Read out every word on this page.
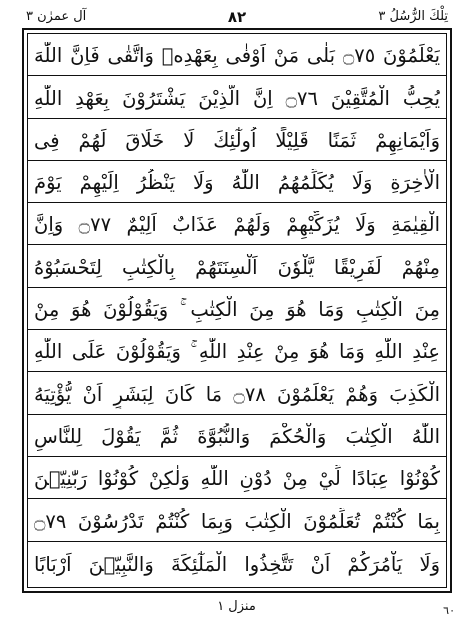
آل عمرٰن ٣	٨٢	تِلْكَ الرُّسُلُ ٣
يَعْلَمُوْنَ ۝٧٥ بَلٰى مَنْ اَوْفٰى بِعَهْدِهٖ وَاتَّقٰى فَاِنَّ اللّٰهَ
يُحِبُّ الْمُتَّقِيْنَ ۝٧٦ اِنَّ الَّذِيْنَ يَشْتَرُوْنَ بِعَهْدِ اللّٰهِ
وَاَيْمَانِهِمْ ثَمَنًا قَلِيْلًا اُولٰٓئِكَ لَا خَلَاقَ لَهُمْ فِى
الْاٰخِرَةِ وَلَا يُكَلِّمُهُمُ اللّٰهُ وَلَا يَنْظُرُ اِلَيْهِمْ يَوْمَ
الْقِيٰمَةِ وَلَا يُزَكِّيْهِمْ وَلَهُمْ عَذَابٌ اَلِيْمٌ ۝٧٧ وَاِنَّ
مِنْهُمْ لَفَرِيْقًا يَّلْوٗنَ اَلْسِنَتَهُمْ بِالْكِتٰبِ لِتَحْسَبُوْهُ
مِنَ الْكِتٰبِ وَمَا هُوَ مِنَ الْكِتٰبِ ۚ وَيَقُوْلُوْنَ هُوَ مِنْ
عِنْدِ اللّٰهِ وَمَا هُوَ مِنْ عِنْدِ اللّٰهِ ۚ وَيَقُوْلُوْنَ عَلَى اللّٰهِ
الْكَذِبَ وَهُمْ يَعْلَمُوْنَ ۝٧٨ مَا كَانَ لِبَشَرٍ اَنْ يُّؤْتِيَهُ
اللّٰهُ الْكِتٰبَ وَالْحُكْمَ وَالنُّبُوَّةَ ثُمَّ يَقُوْلَ لِلنَّاسِ
كُوْنُوْا عِبَادًا لِّيْ مِنْ دُوْنِ اللّٰهِ وَلٰكِنْ كُوْنُوْا رَبّٰنِيّٖنَ
بِمَا كُنْتُمْ تُعَلِّمُوْنَ الْكِتٰبَ وَبِمَا كُنْتُمْ تَدْرُسُوْنَ ۝٧٩
وَلَا يَاْمُرَكُمْ اَنْ تَتَّخِذُوا الْمَلٰٓئِكَةَ وَالنَّبِيّٖنَ اَرْبَابًا
منزل ١	٦٠
